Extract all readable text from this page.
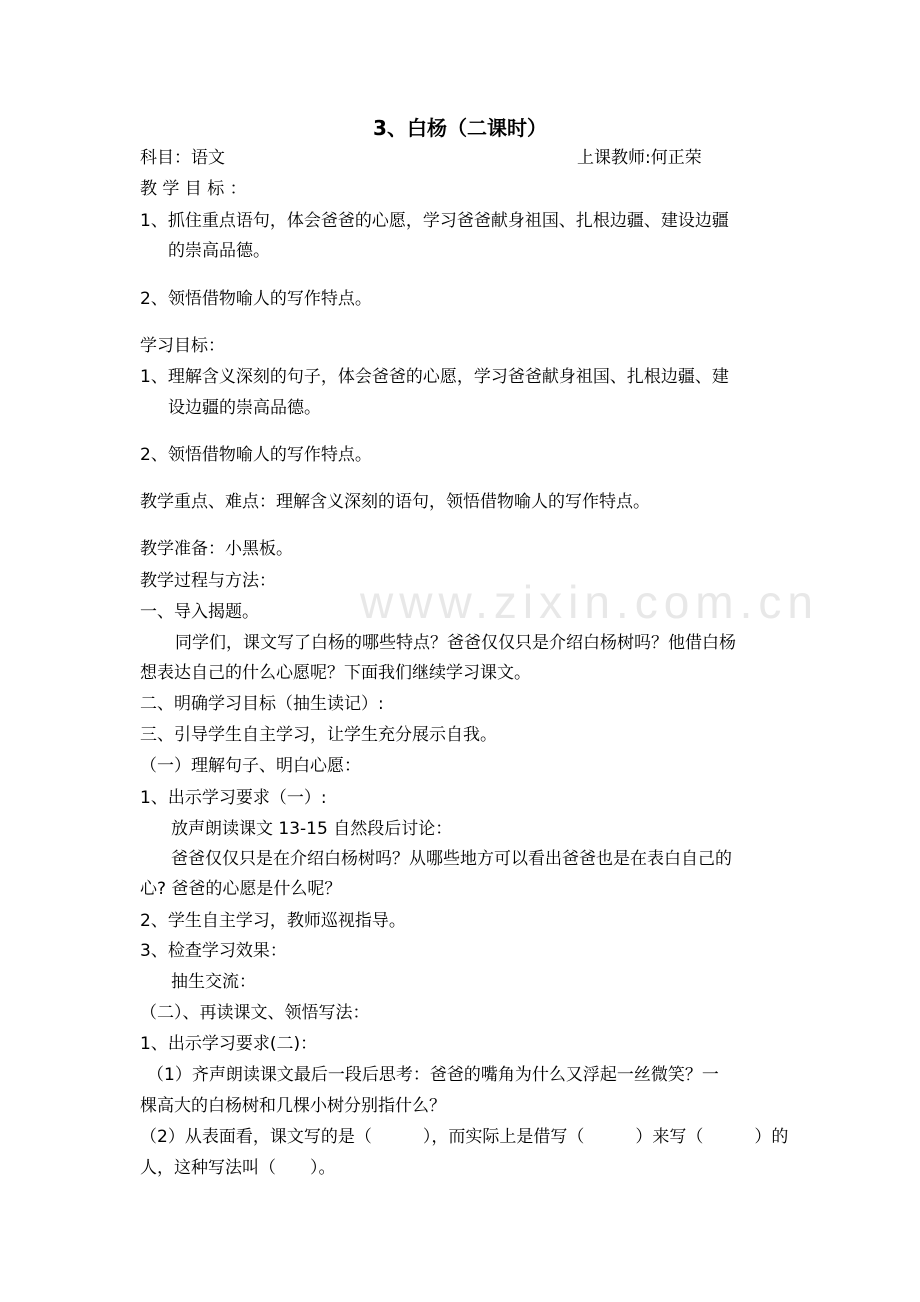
www.zixin.com.cn
3、白杨（二课时）
科目：语文	上课教师:何正荣
教 学 目 标 ：
1、抓住重点语句，体会爸爸的心愿，学习爸爸献身祖国、扎根边疆、建设边疆
的崇高品德。
2、领悟借物喻人的写作特点。
学习目标：
1、理解含义深刻的句子，体会爸爸的心愿，学习爸爸献身祖国、扎根边疆、建
设边疆的崇高品德。
2、领悟借物喻人的写作特点。
教学重点、难点：理解含义深刻的语句，领悟借物喻人的写作特点。
教学准备：小黑板。
教学过程与方法：
一、导入揭题。
同学们，课文写了白杨的哪些特点？爸爸仅仅只是介绍白杨树吗？他借白杨
想表达自己的什么心愿呢？下面我们继续学习课文。
二、明确学习目标（抽生读记）:
三、引导学生自主学习，让学生充分展示自我。
（一）理解句子、明白心愿：
1、出示学习要求（一）:
放声朗读课文 13-15 自然段后讨论：
爸爸仅仅只是在介绍白杨树吗？从哪些地方可以看出爸爸也是在表白自己的
心? 爸爸的心愿是什么呢？
2、学生自主学习，教师巡视指导。
3、检查学习效果：
抽生交流：
（二）、再读课文、领悟写法：
1、出示学习要求(二)：
（1）齐声朗读课文最后一段后思考：爸爸的嘴角为什么又浮起一丝微笑？一
棵高大的白杨树和几棵小树分别指什么？
（2）从表面看，课文写的是（　　　），而实际上是借写（　　　）来写（　　　）的
人，这种写法叫（　　）。
